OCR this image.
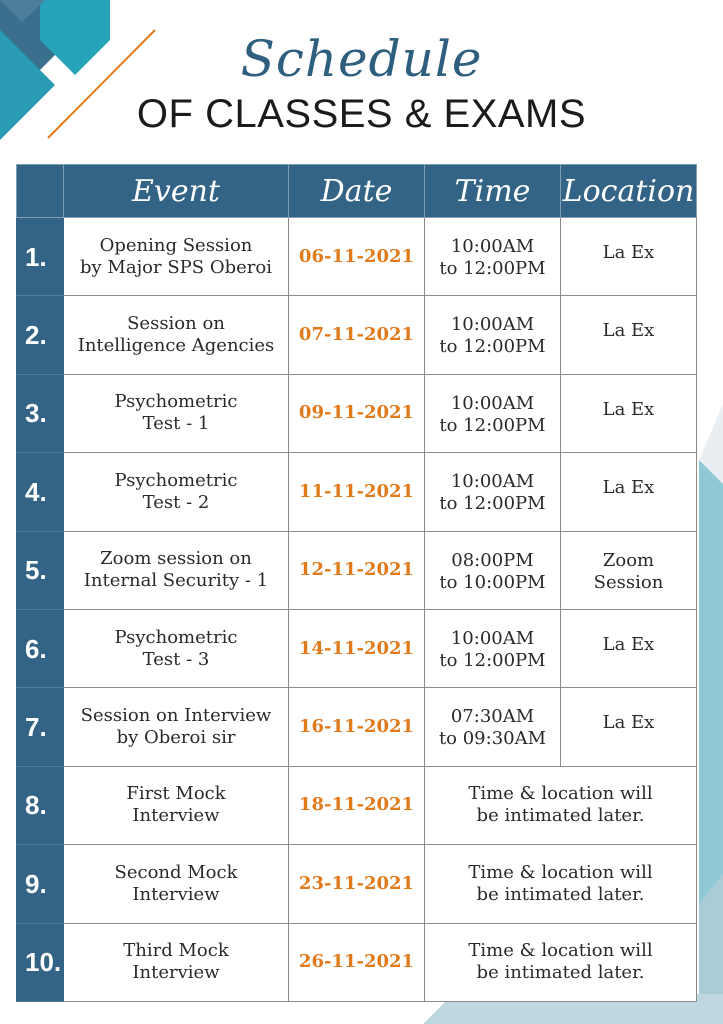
Schedule
OF CLASSES & EXAMS
	Event	Date	Time	Location
1.	Opening Session
by Major SPS Oberoi	06-11-2021	10:00AM
to 12:00PM	La Ex

2.	Session on
Intelligence Agencies	07-11-2021	10:00AM
to 12:00PM	La Ex

3.	Psychometric
Test - 1	09-11-2021	10:00AM
to 12:00PM	La Ex

4.	Psychometric
Test - 2	11-11-2021	10:00AM
to 12:00PM	La Ex

5.	Zoom session on
Internal Security - 1	12-11-2021	08:00PM
to 10:00PM	Zoom
Session

6.	Psychometric
Test - 3	14-11-2021	10:00AM
to 12:00PM	La Ex

7.	Session on Interview
by Oberoi sir	16-11-2021	07:30AM
to 09:30AM	La Ex

8.	First Mock
Interview	18-11-2021	Time & location will
be intimated later.	

9.	Second Mock
Interview	23-11-2021	Time & location will
be intimated later.	

10.	Third Mock
Interview	26-11-2021	Time & location will
be intimated later.	
